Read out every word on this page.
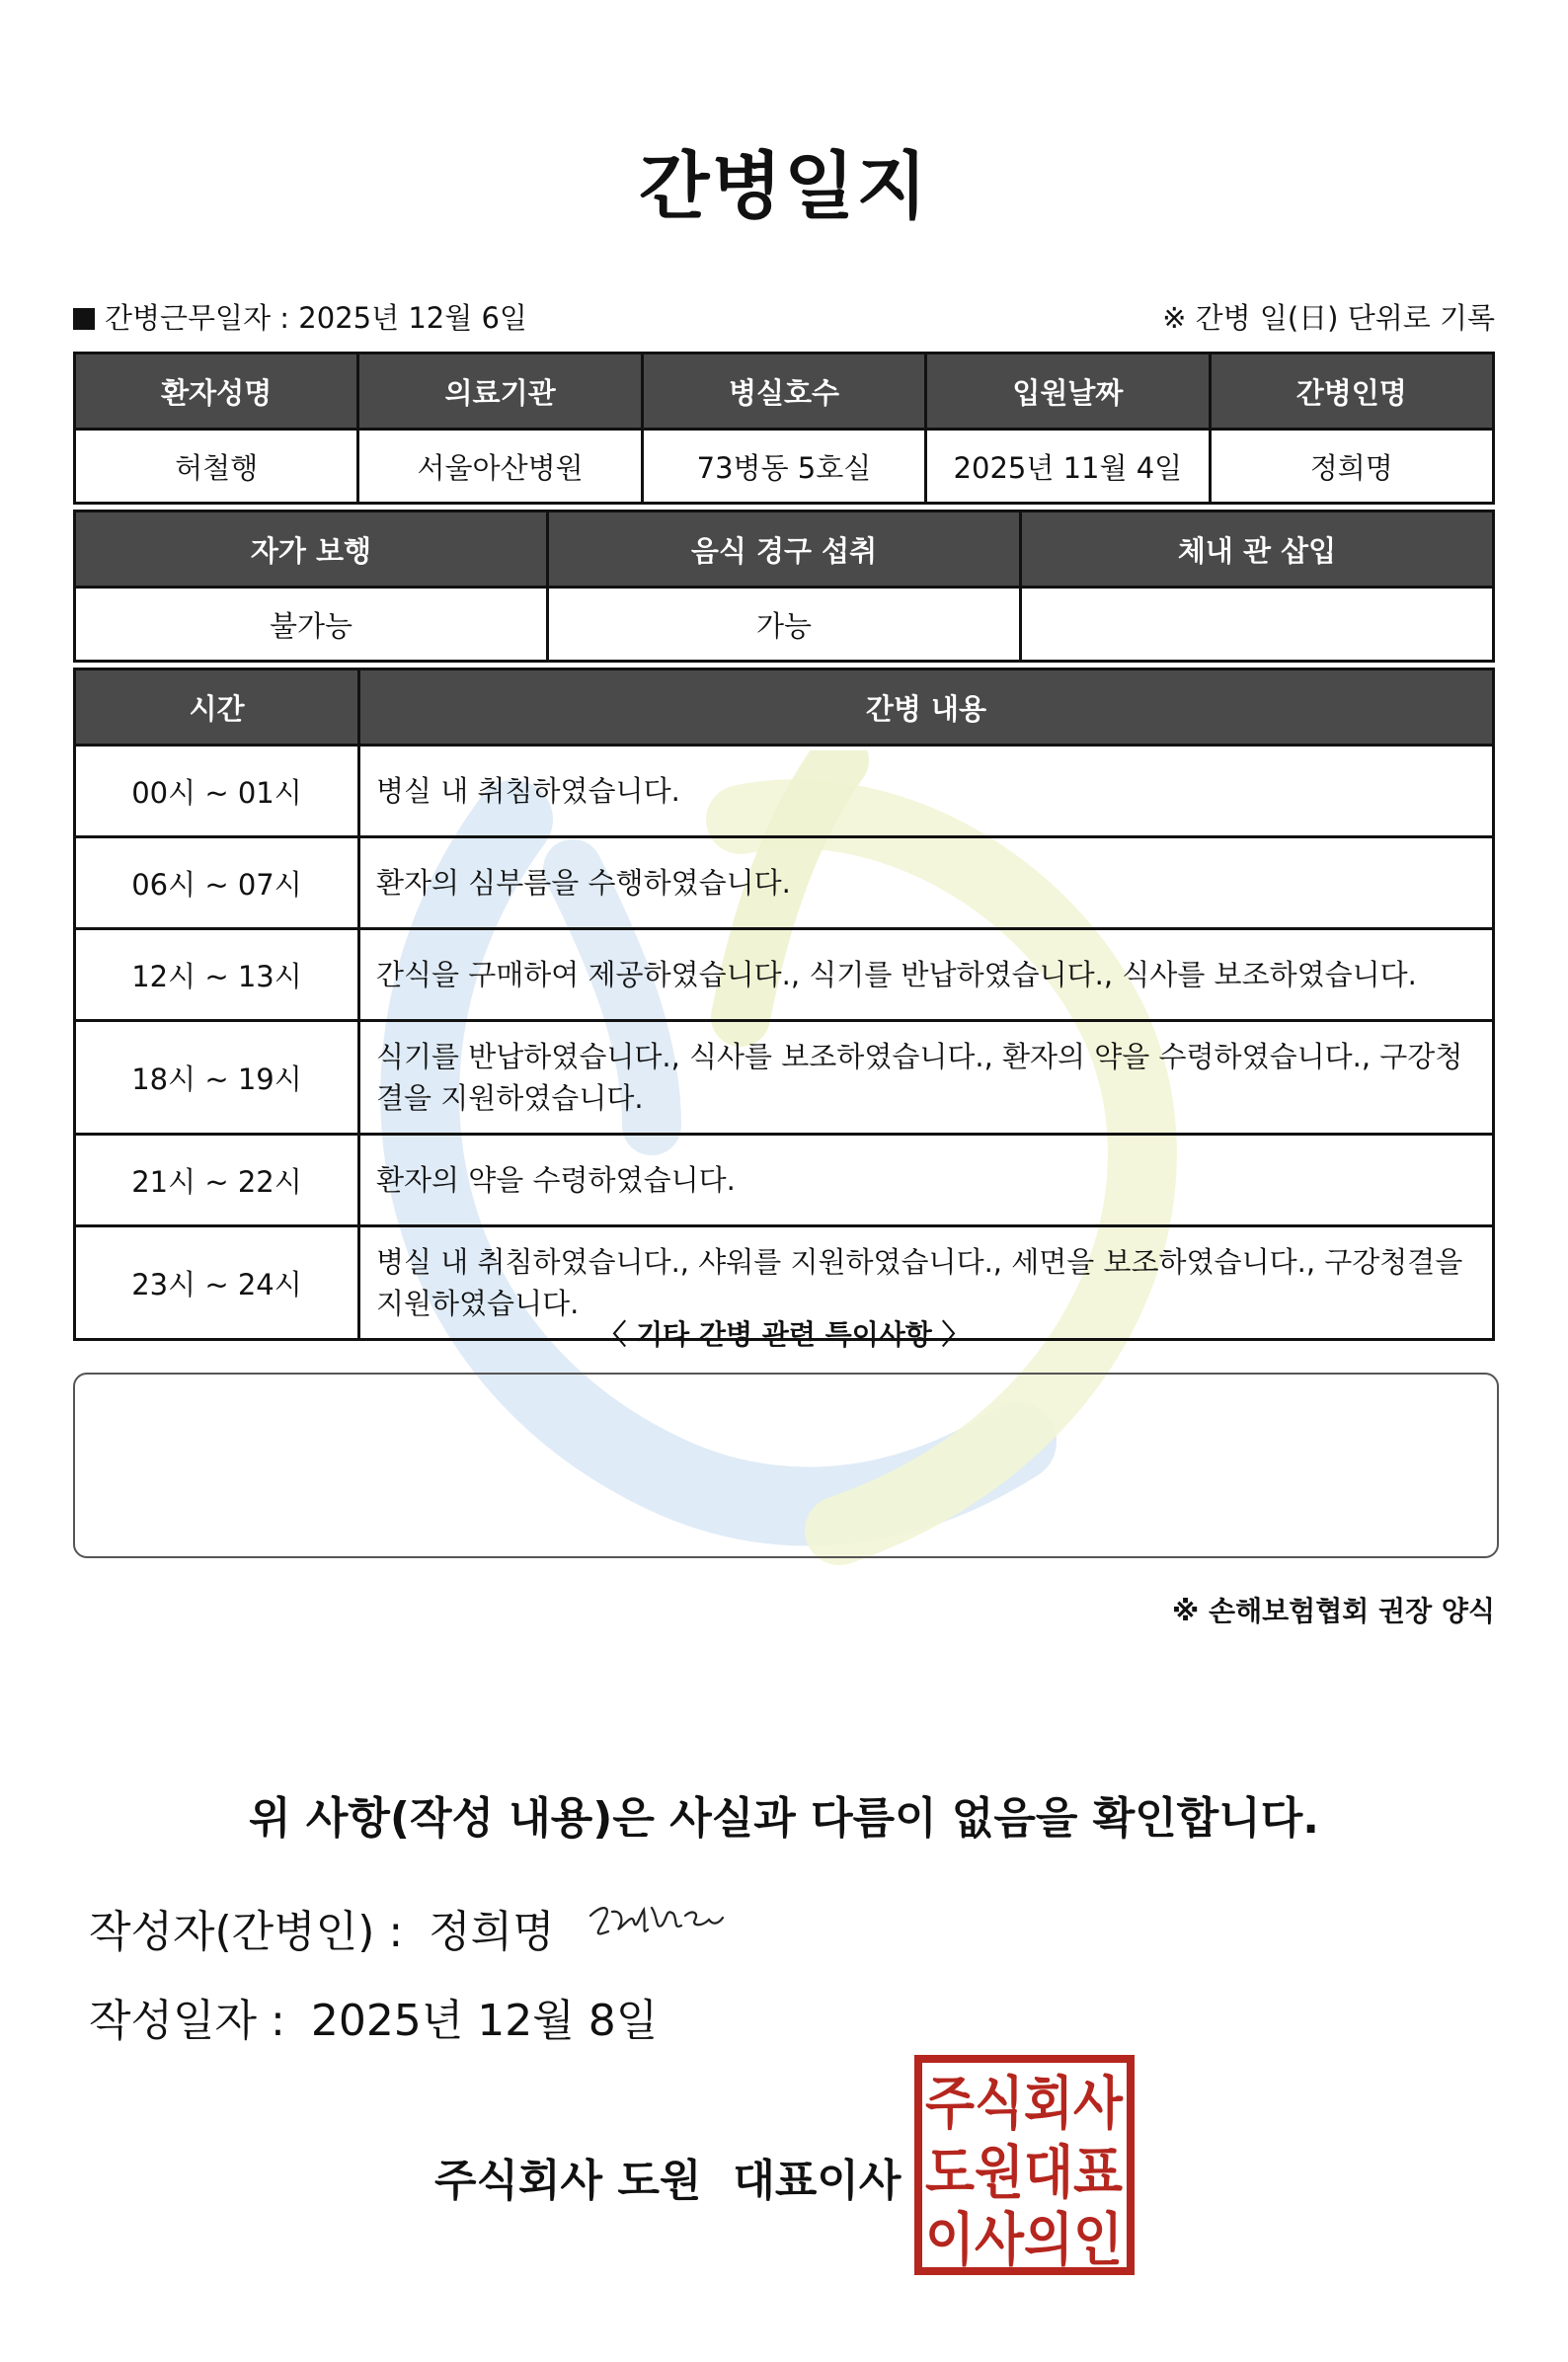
간병일지
간병근무일자 : 2025년 12월 6일	※ 간병 일(日) 단위로 기록
환자성명	의료기관	병실호수	입원날짜	간병인명
허철행	서울아산병원	73병동 5호실	2025년 11월 4일	정희명
자가 보행	음식 경구 섭취	체내 관 삽입
불가능	가능	
시간	간병 내용
00시 ~ 01시	병실 내 취침하였습니다.
06시 ~ 07시	환자의 심부름을 수행하였습니다.
12시 ~ 13시	간식을 구매하여 제공하였습니다., 식기를 반납하였습니다., 식사를 보조하였습니다.
18시 ~ 19시	식기를 반납하였습니다., 식사를 보조하였습니다., 환자의 약을 수령하였습니다., 구강청결을 지원하였습니다.
21시 ~ 22시	환자의 약을 수령하였습니다.
23시 ~ 24시	병실 내 취침하였습니다., 샤워를 지원하였습니다., 세면을 보조하였습니다., 구강청결을 지원하였습니다.
〈 기타 간병 관련 특이사항 〉
※ 손해보험협회 권장 양식
위 사항(작성 내용)은 사실과 다름이 없음을 확인합니다.
작성자(간병인) : 정희명
작성일자 : 2025년 12월 8일
주식회사 도원 대표이사
주식회사
도원대표
이사의인
